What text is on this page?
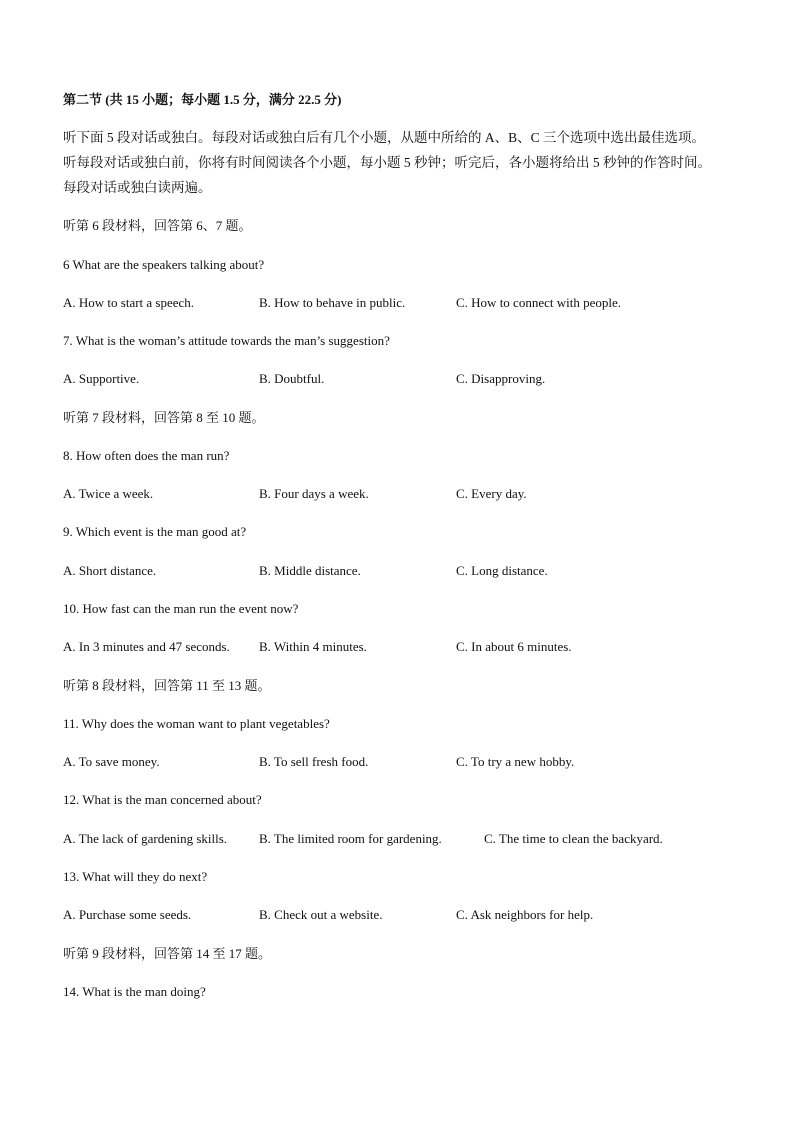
第二节 (共 15 小题；每小题 1.5 分，满分 22.5 分)
听下面 5 段对话或独白。每段对话或独白后有几个小题，从题中所给的 A、B、C 三个选项中选出最佳选项。
听每段对话或独白前，你将有时间阅读各个小题，每小题 5 秒钟；听完后，各小题将给出 5 秒钟的作答时间。
每段对话或独白读两遍。
听第 6 段材料，回答第 6、7 题。
6 What are the speakers talking about?
A. How to start a speech.	B. How to behave in public.	C. How to connect with people.
7. What is the woman’s attitude towards the man’s suggestion?
A. Supportive.	B. Doubtful.	C. Disapproving.
听第 7 段材料，回答第 8 至 10 题。
8. How often does the man run?
A. Twice a week.	B. Four days a week.	C. Every day.
9. Which event is the man good at?
A. Short distance.	B. Middle distance.	C. Long distance.
10. How fast can the man run the event now?
A. In 3 minutes and 47 seconds. B. Within 4 minutes.	C. In about 6 minutes.
听第 8 段材料，回答第 11 至 13 题。
11. Why does the woman want to plant vegetables?
A. To save money.	B. To sell fresh food.	C. To try a new hobby.
12. What is the man concerned about?
A. The lack of gardening skills. B. The limited room for gardening.	C. The time to clean the backyard.
13. What will they do next?
A. Purchase some seeds.	B. Check out a website.	C. Ask neighbors for help.
听第 9 段材料，回答第 14 至 17 题。
14. What is the man doing?
